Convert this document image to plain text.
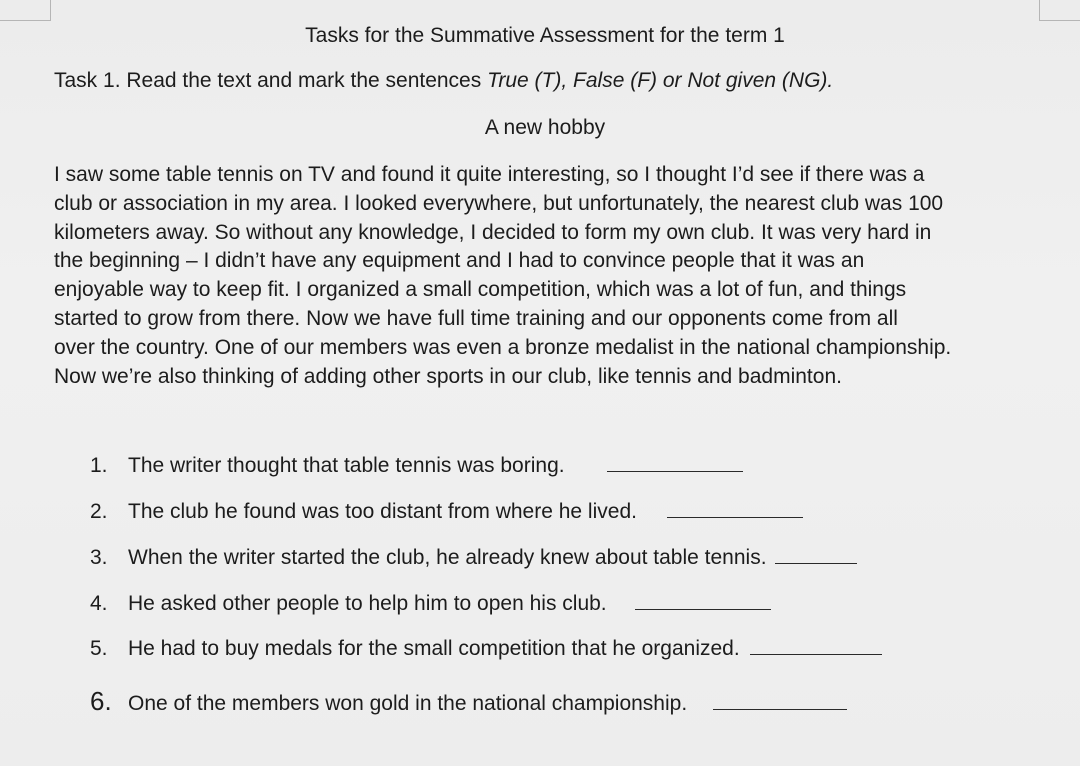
Tasks for the Summative Assessment for the term 1
Task 1. Read the text and mark the sentences True (T), False (F) or Not given (NG).
A new hobby
I saw some table tennis on TV and found it quite interesting, so I thought I’d see if there was a
club or association in my area. I looked everywhere, but unfortunately, the nearest club was 100
kilometers away. So without any knowledge, I decided to form my own club. It was very hard in
the beginning – I didn’t have any equipment and I had to convince people that it was an
enjoyable way to keep fit. I organized a small competition, which was a lot of fun, and things
started to grow from there. Now we have full time training and our opponents come from all
over the country. One of our members was even a bronze medalist in the national championship.
Now we’re also thinking of adding other sports in our club, like tennis and badminton.
1. The writer thought that table tennis was boring.
2. The club he found was too distant from where he lived.
3. When the writer started the club, he already knew about table tennis.
4. He asked other people to help him to open his club.
5. He had to buy medals for the small competition that he organized.
6. One of the members won gold in the national championship.
